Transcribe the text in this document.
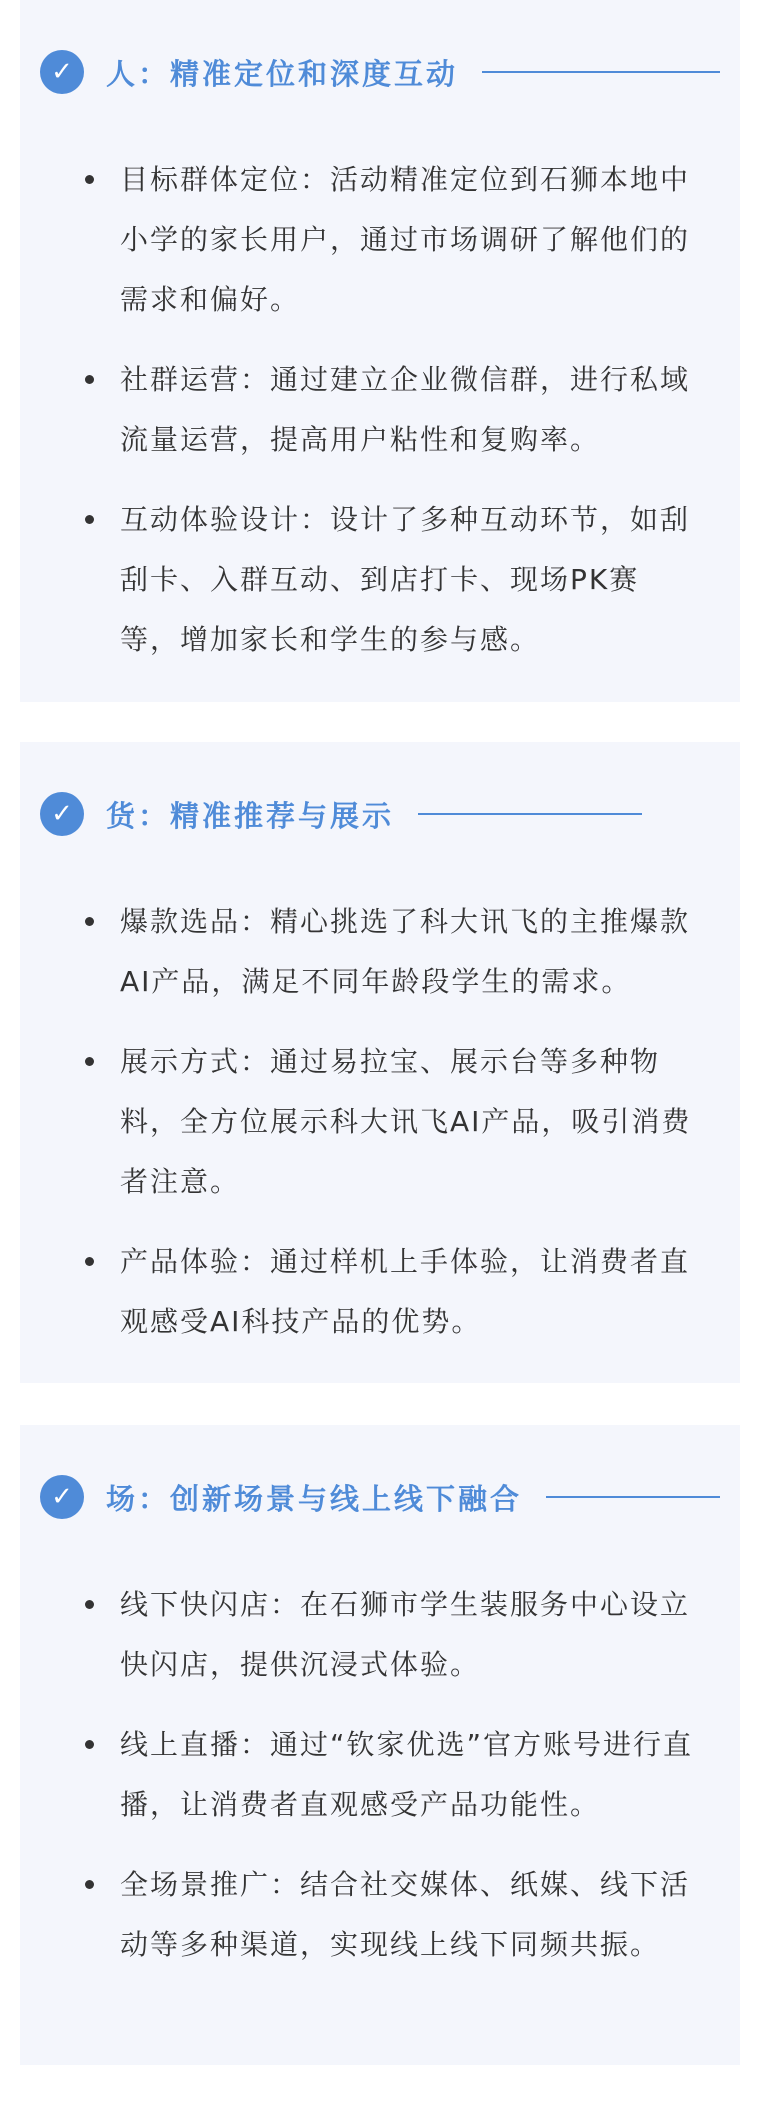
✓	人：精准定位和深度互动
目标群体定位：活动精准定位到石狮本地中小学的家长用户，通过市场调研了解他们的需求和偏好。
社群运营：通过建立企业微信群，进行私域流量运营，提高用户粘性和复购率。
互动体验设计：设计了多种互动环节，如刮刮卡、入群互动、到店打卡、现场PK赛等，增加家长和学生的参与感。
✓	货：精准推荐与展示
爆款选品：精心挑选了科大讯飞的主推爆款AI产品，满足不同年龄段学生的需求。
展示方式：通过易拉宝、展示台等多种物料，全方位展示科大讯飞AI产品，吸引消费者注意。
产品体验：通过样机上手体验，让消费者直观感受AI科技产品的优势。
✓	场：创新场景与线上线下融合
线下快闪店：在石狮市学生装服务中心设立快闪店，提供沉浸式体验。
线上直播：通过“钦家优选”官方账号进行直播，让消费者直观感受产品功能性。
全场景推广：结合社交媒体、纸媒、线下活动等多种渠道，实现线上线下同频共振。
